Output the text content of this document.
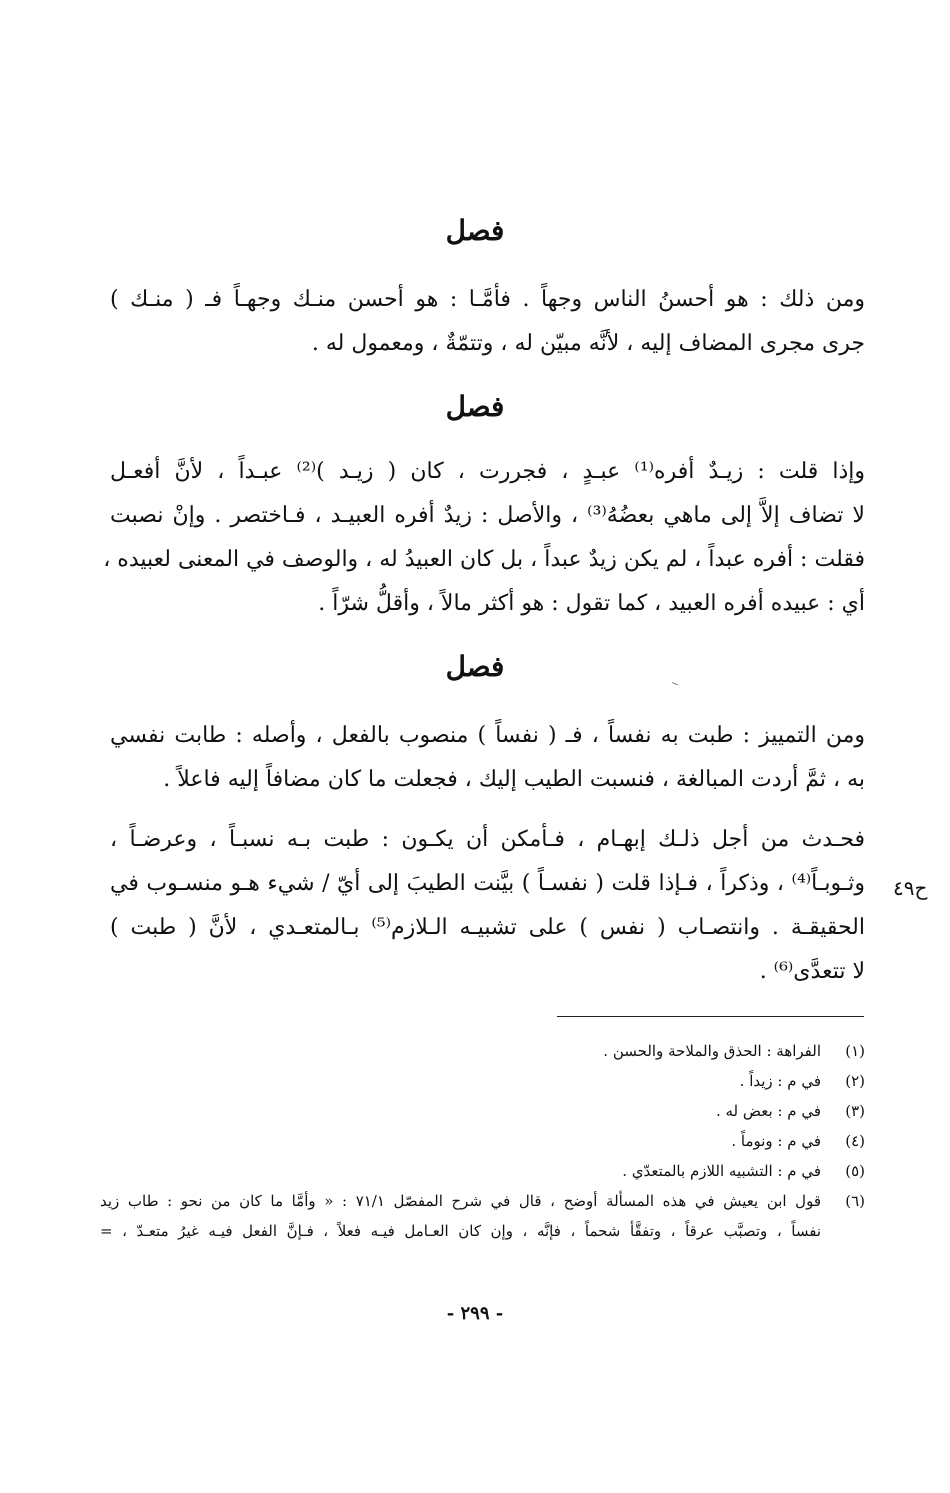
فصل
ومن ذلك : هو أحسنُ الناس وجهاً . فأمَّـا : هو أحسن منـك وجهـاً فـ ( منـك )
جرى مجرى المضاف إليه ، لأنَّه مبيّن له ، وتتمّةٌ ، ومعمول له .
فصل
وإذا قلت : زيـدٌ أفره⁽¹⁾ عبـدٍ ، فجررت ، كان ( زيـد )⁽²⁾ عبـداً ، لأنَّ أفعـل
لا تضاف إلاَّ إلى ماهي بعضُهُ⁽³⁾ ، والأصل : زيدٌ أفره العبيـد ، فـاختصر . وإنْ نصبت
فقلت : أفره عبداً ، لم يكن زيدٌ عبداً ، بل كان العبيدُ له ، والوصف في المعنى لعبيده ،
أي : عبيده أفره العبيد ، كما تقول : هو أكثر مالاً ، وأقلُّ شرّاً .
فصل
ومن التمييز : طبت به نفساً ، فـ ( نفساً ) منصوب بالفعل ، وأصله : طابت نفسي
به ، ثمَّ أردت المبالغة ، فنسبت الطيب إليك ، فجعلت ما كان مضافاً إليه فاعلاً .
فحـدث من أجل ذلـك إبهـام ، فـأمكن أن يكـون : طبت بـه نسبـاً ، وعرضـاً ،
وثـوبـاً⁽⁴⁾ ، وذكراً ، فـإذا قلت ( نفسـاً ) بيَّنت الطيبَ إلى أيّ / شيء هـو منسـوب في
الحقيقـة . وانتصـاب ( نفس ) على تشبيـه الـلازم⁽⁵⁾ بـالمتعـدي ، لأنَّ ( طبت )
لا تتعدَّى⁽⁶⁾ .
ح٤٩
(١)
الفراهة : الحذق والملاحة والحسن .
(٢)
في م : زيداً .
(٣)
في م : بعض له .
(٤)
في م : ونوماً .
(٥)
في م : التشبيه اللازم بالمتعدّي .
(٦)
قول ابن يعيش في هذه المسألة أوضح ، قال في شرح المفصّل ٧١/١ : « وأمَّا ما كان من نحو : طاب زيد
نفساً ، وتصبَّب عرقاً ، وتفقَّأ شحماً ، فإنَّه ، وإن كان العـامل فيـه فعلاً ، فـإنَّ الفعل فيـه غيرُ متعـدّ ، =
- ٢٩٩ -
